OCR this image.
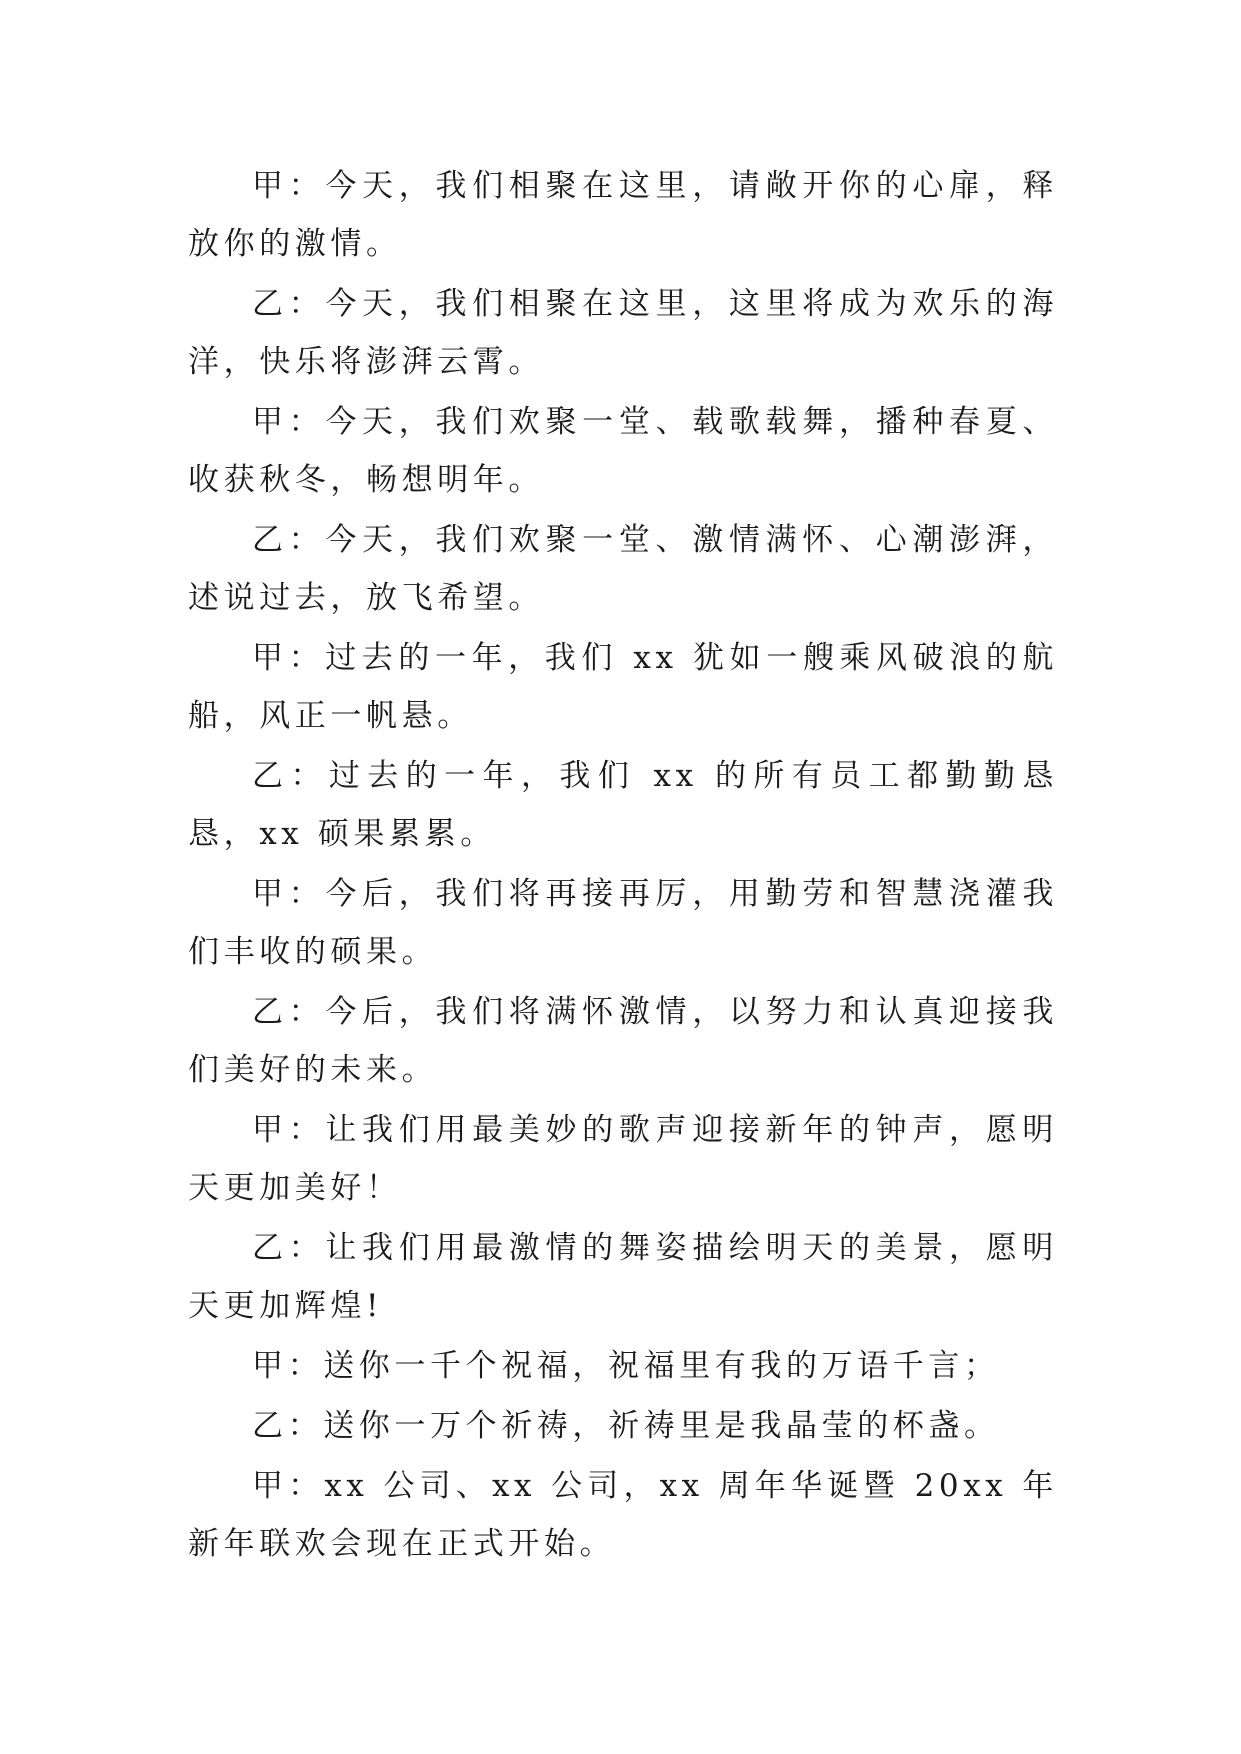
甲：今天，我们相聚在这里，请敞开你的心扉，释放你的激情。

乙：今天，我们相聚在这里，这里将成为欢乐的海洋，快乐将澎湃云霄。

甲：今天，我们欢聚一堂、载歌载舞，播种春夏、收获秋冬，畅想明年。

乙：今天，我们欢聚一堂、激情满怀、心潮澎湃，述说过去，放飞希望。

甲：过去的一年，我们 xx 犹如一艘乘风破浪的航船，风正一帆悬。

乙：过去的一年，我们 xx 的所有员工都勤勤恳恳，xx 硕果累累。

甲：今后，我们将再接再厉，用勤劳和智慧浇灌我们丰收的硕果。

乙：今后，我们将满怀激情，以努力和认真迎接我们美好的未来。

甲：让我们用最美妙的歌声迎接新年的钟声，愿明天更加美好！

乙：让我们用最激情的舞姿描绘明天的美景，愿明天更加辉煌!

甲：送你一千个祝福，祝福里有我的万语千言；

乙：送你一万个祈祷，祈祷里是我晶莹的杯盏。

甲：xx 公司、xx 公司，xx 周年华诞暨 20xx 年新年联欢会现在正式开始。
